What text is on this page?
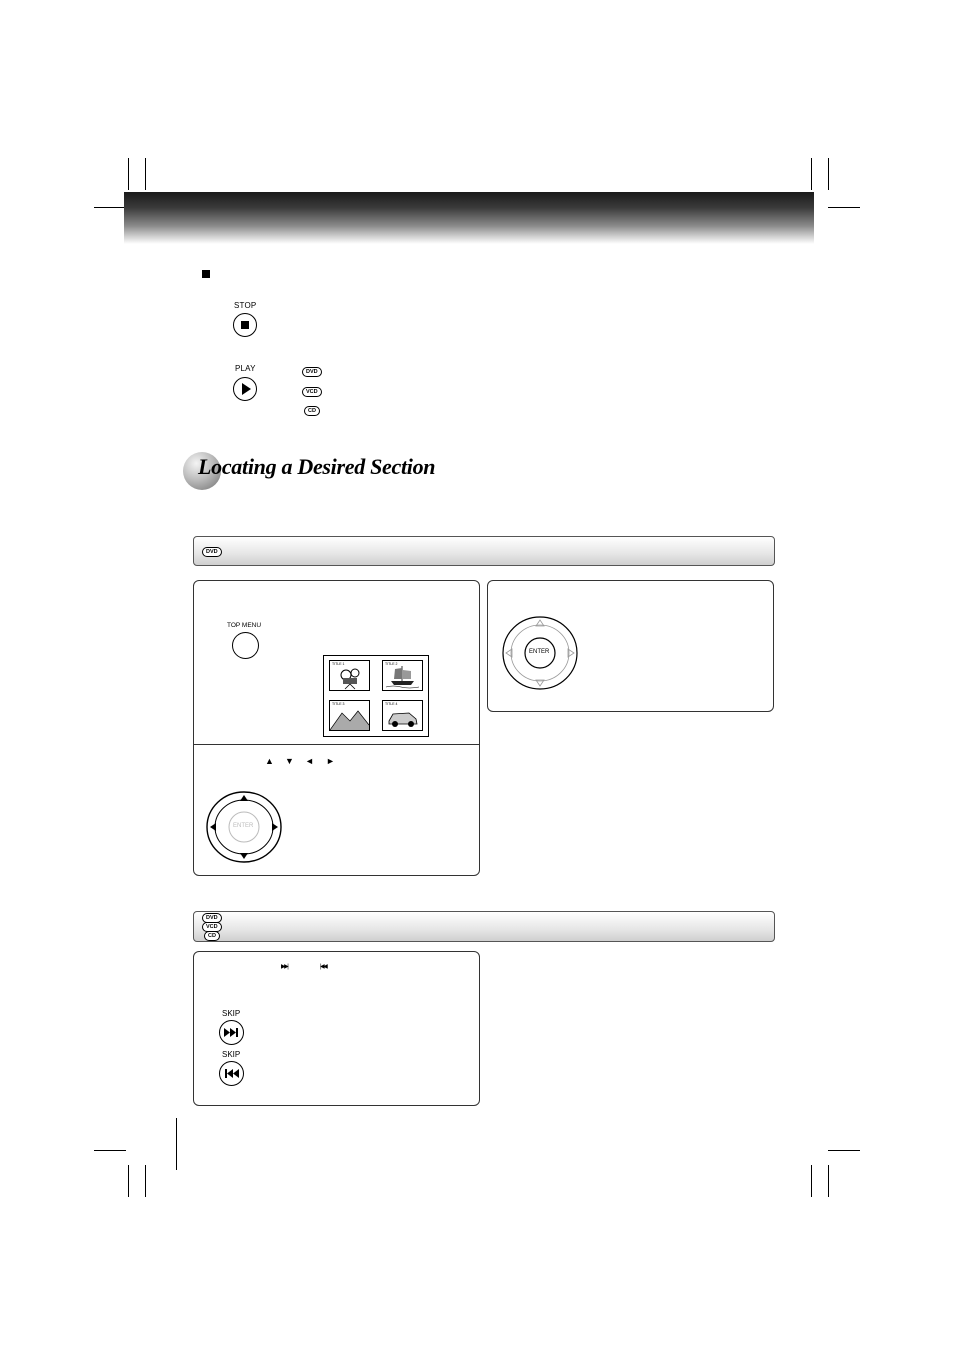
STOP
PLAY	DVD
VCD
CD
Locating a Desired Section
DVD
TOP MENU
TITLE 1	TITLE 2
TITLE 3	TITLE 4
▲ ▼ ◄ ►
ENTER
ENTER
DVD
VCD
CD
▶▶|	|◀◀
SKIP
SKIP
